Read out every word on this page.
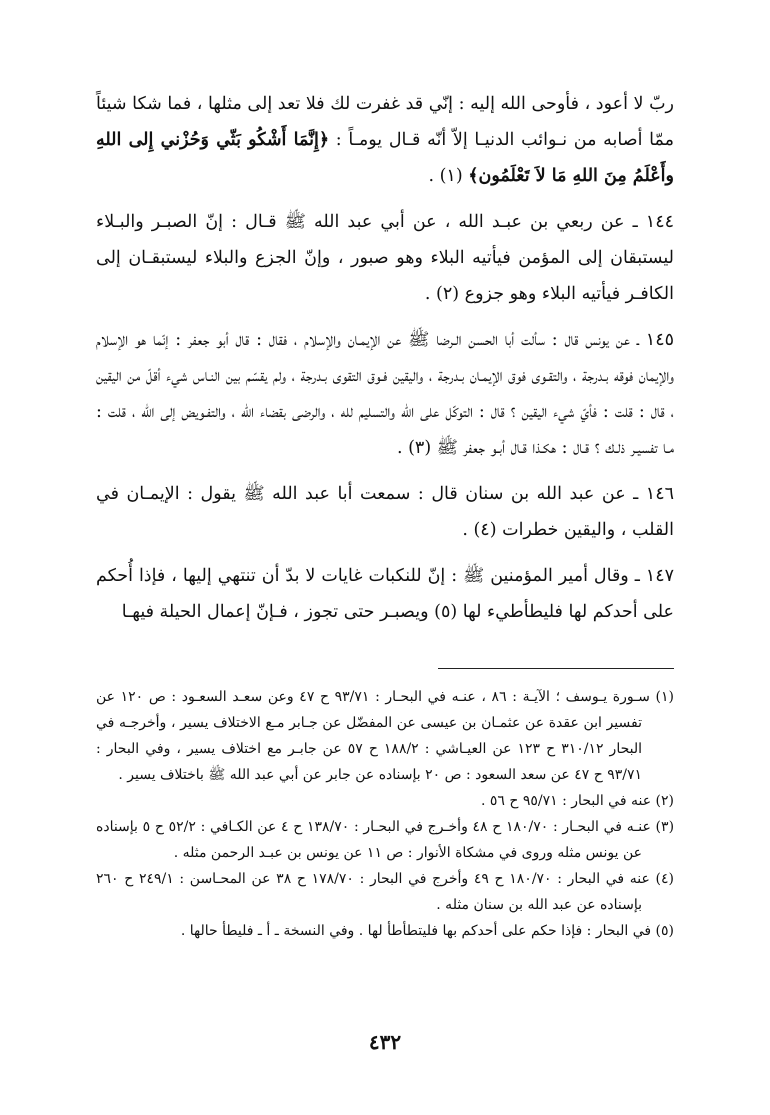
ربّ لا أعود ، فأوحى الله إليه : إنّي قد غفرت لك فلا تعد إلى مثلها ، فما شكا شيئاً ممّا أصابه من نـوائب الدنيـا إلاّ أنّه قـال يومـاً : ﴿إِنَّمَا أَشْكُو بَثّي وَحُزْني إِلى اللهِ وأَعْلَمُ مِنَ اللهِ مَا لاَ تَعْلَمُون﴾ (١) .

١٤٤ ـ عن ربعي بن عبـد الله ، عن أبي عبد الله ﷺ قـال : إنّ الصبـر والبـلاء ليستبقان إلى المؤمن فيأتيه البلاء وهو صبور ، وإنّ الجزع والبلاء ليستبقـان إلى الكافـر فيأتيه البلاء وهو جزوع (٢) .

١٤٥ ـ عن يونس قال : سألت أبا الحسن الـرضا ﷺ عن الإيمـان والإسلام ، فقال : قال أبو جعفر : إنّما هو الإسلام والإيمان فوقه بـدرجة ، والتقـوى فوق الإيمـان بـدرجة ، واليقين فـوق التقوى بـدرجة ، ولم يقسّم بين النـاس شيء أقلّ من اليقين ، قال : قلت : فأيّ شيء اليقين ؟ قال : التوكّل على الله والتسليم لله ، والرضى بقضاء الله ، والتفـويض إلى الله ، قلت : مـا تفسيـر ذلـك ؟ قـال : هكـذا قـال أبـو جعفر ﷺ (٣) .

١٤٦ ـ عن عبد الله بن سنان قال : سمعت أبا عبد الله ﷺ يقول : الإيمـان في القلب ، واليقين خطرات (٤) .

١٤٧ ـ وقال أمير المؤمنين ﷺ : إنّ للنكبات غايات لا بدّ أن تنتهي إليها ، فإذا أُحكم على أحدكم لها فليطأطيء لها (٥) ويصبـر حتى تجوز ، فـإنّ إعمال الحيلة فيهـا

(١) سـورة يـوسف ؛ الآيـة : ٨٦ ، عنـه في البحـار : ٩٣/٧١ ح ٤٧ وعن سعـد السعـود : ص ١٢٠ عن تفسير ابن عقدة عن عثمـان بن عيسى عن المفضّل عن جـابر مـع الاختلاف يسير ، وأخرجـه في البحار ٣١٠/١٢ ح ١٢٣ عن العيـاشي : ١٨٨/٢ ح ٥٧ عن جابـر مع اختلاف يسير ، وفي البحار : ٩٣/٧١ ح ٤٧ عن سعد السعود : ص ٢٠ بإسناده عن جابر عن أبي عبد الله ﷺ باختلاف يسير .

(٢) عنه في البحار : ٩٥/٧١ ح ٥٦ .

(٣) عنـه في البحـار : ١٨٠/٧٠ ح ٤٨ وأخـرج في البحـار : ١٣٨/٧٠ ح ٤ عن الكـافي : ٥٢/٢ ح ٥ بإسناده عن يونس مثله وروى في مشكاة الأنوار : ص ١١ عن يونس بن عبـد الرحمن مثله .

(٤) عنه في البحار : ١٨٠/٧٠ ح ٤٩ وأخرج في البحار : ١٧٨/٧٠ ح ٣٨ عن المحـاسن : ٢٤٩/١ ح ٢٦٠ بإسناده عن عبد الله بن سنان مثله .

(٥) في البحار : فإذا حكم على أحدكم بها فليتطأطأ لها . وفي النسخة ـ أ ـ فليطأ حالها .

٤٣٢
